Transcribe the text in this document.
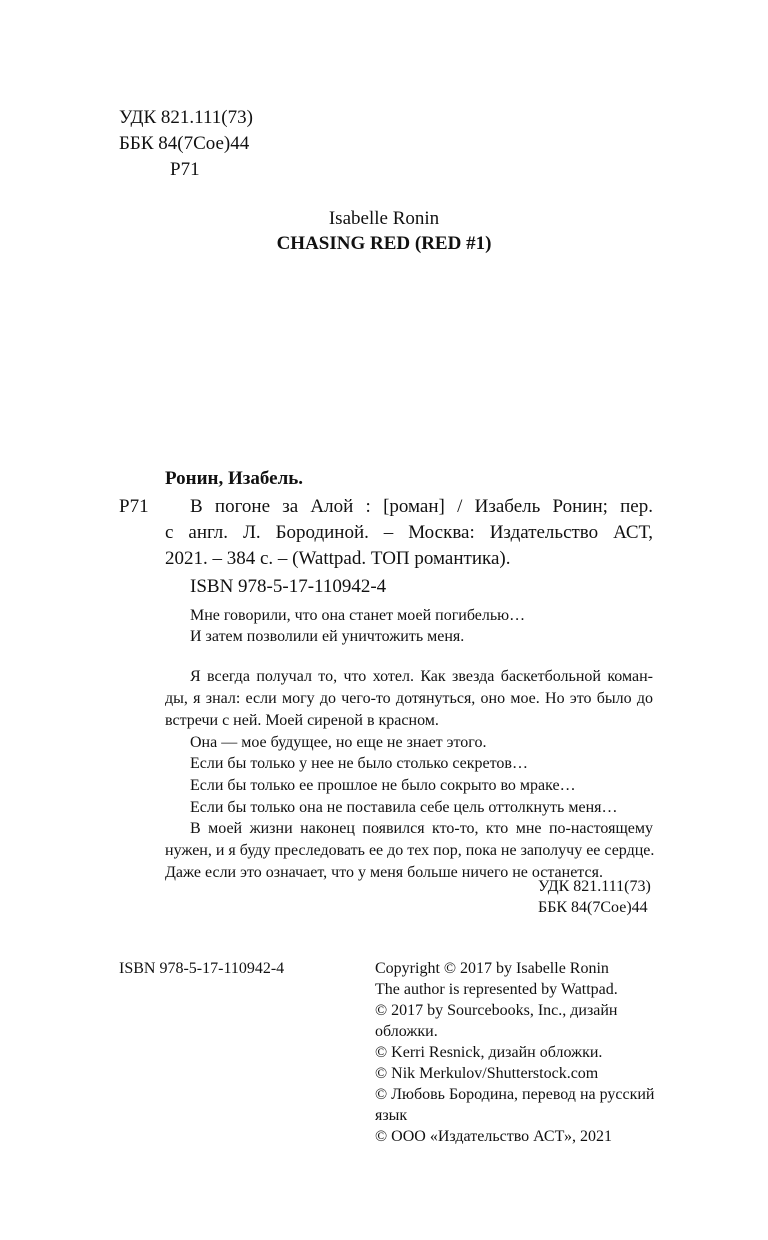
УДК 821.111(73)
ББК 84(7Сое)44
Р71
Isabelle Ronin
CHASING RED (RED #1)
Ронин, Изабель.
Р71 В погоне за Алой : [роман] / Изабель Ронин; пер.
с англ. Л. Бородиной. – Москва: Издательство АСТ,
2021. – 384 с. – (Wattpad. ТОП романтика).
ISBN 978-5-17-110942-4
Мне говорили, что она станет моей погибелью…
И затем позволили ей уничтожить меня.
Я всегда получал то, что хотел. Как звезда баскетбольной коман-
ды, я знал: если могу до чего-то дотянуться, оно мое. Но это было до
встречи с ней. Моей сиреной в красном.
Она — мое будущее, но еще не знает этого.
Если бы только у нее не было столько секретов…
Если бы только ее прошлое не было сокрыто во мраке…
Если бы только она не поставила себе цель оттолкнуть меня…
В моей жизни наконец появился кто-то, кто мне по-настоящему
нужен, и я буду преследовать ее до тех пор, пока не заполучу ее сердце.
Даже если это означает, что у меня больше ничего не останется.
УДК 821.111(73)
ББК 84(7Сое)44
ISBN 978-5-17-110942-4	Copyright © 2017 by Isabelle Ronin
The author is represented by Wattpad.
© 2017 by Sourcebooks, Inc., дизайн
обложки.
© Kerri Resnick, дизайн обложки.
© Nik Merkulov/Shutterstock.com
© Любовь Бородина, перевод на русский
язык
© ООО «Издательство АСТ», 2021
